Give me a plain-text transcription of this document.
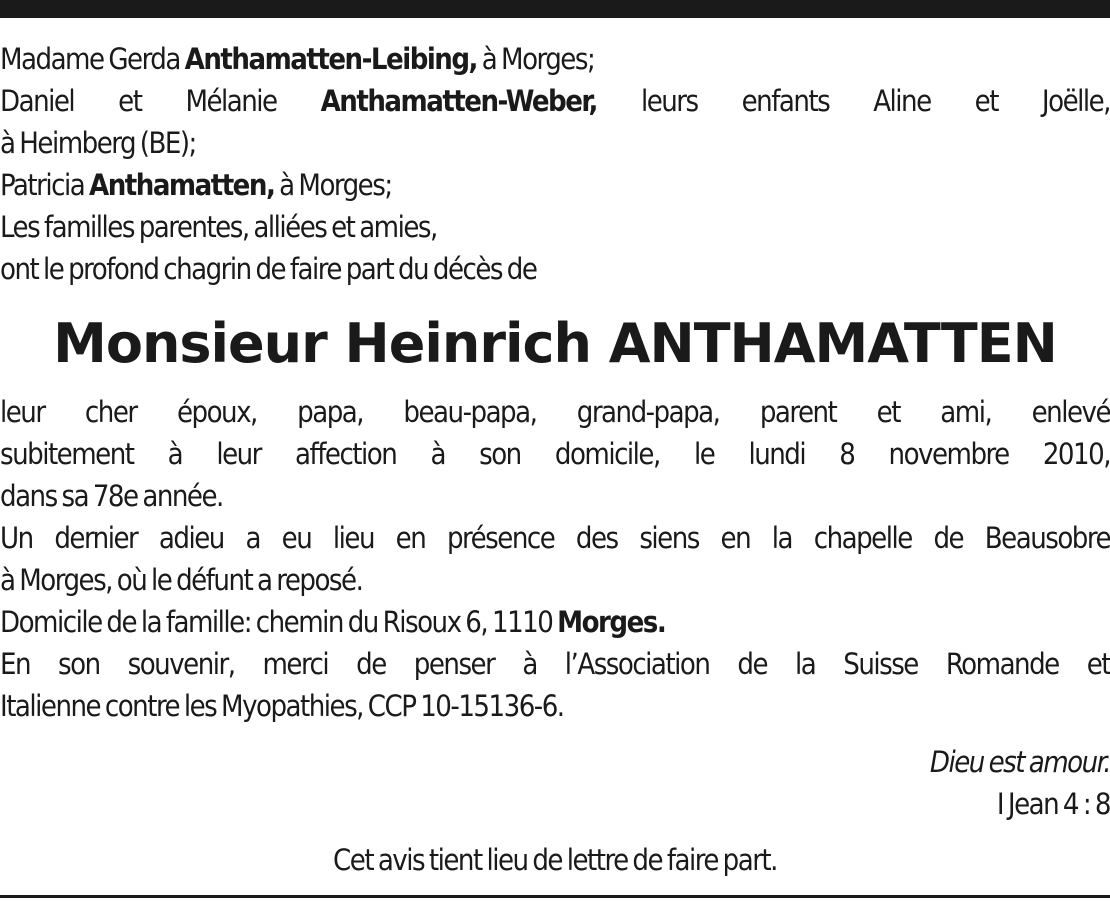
Madame Gerda Anthamatten-Leibing, à Morges;
Daniel et Mélanie Anthamatten-Weber, leurs enfants Aline et Joëlle,
à Heimberg (BE);
Patricia Anthamatten, à Morges;
Les familles parentes, alliées et amies,
ont le profond chagrin de faire part du décès de
Monsieur Heinrich ANTHAMATTEN
leur cher époux, papa, beau-papa, grand-papa, parent et ami, enlevé
subitement à leur affection à son domicile, le lundi 8 novembre 2010,
dans sa 78e année.
Un dernier adieu a eu lieu en présence des siens en la chapelle de Beausobre
à Morges, où le défunt a reposé.
Domicile de la famille: chemin du Risoux 6, 1110 Morges.
En son souvenir, merci de penser à l’Association de la Suisse Romande et
Italienne contre les Myopathies, CCP 10-15136-6.
Dieu est amour.
I Jean 4 : 8
Cet avis tient lieu de lettre de faire part.
